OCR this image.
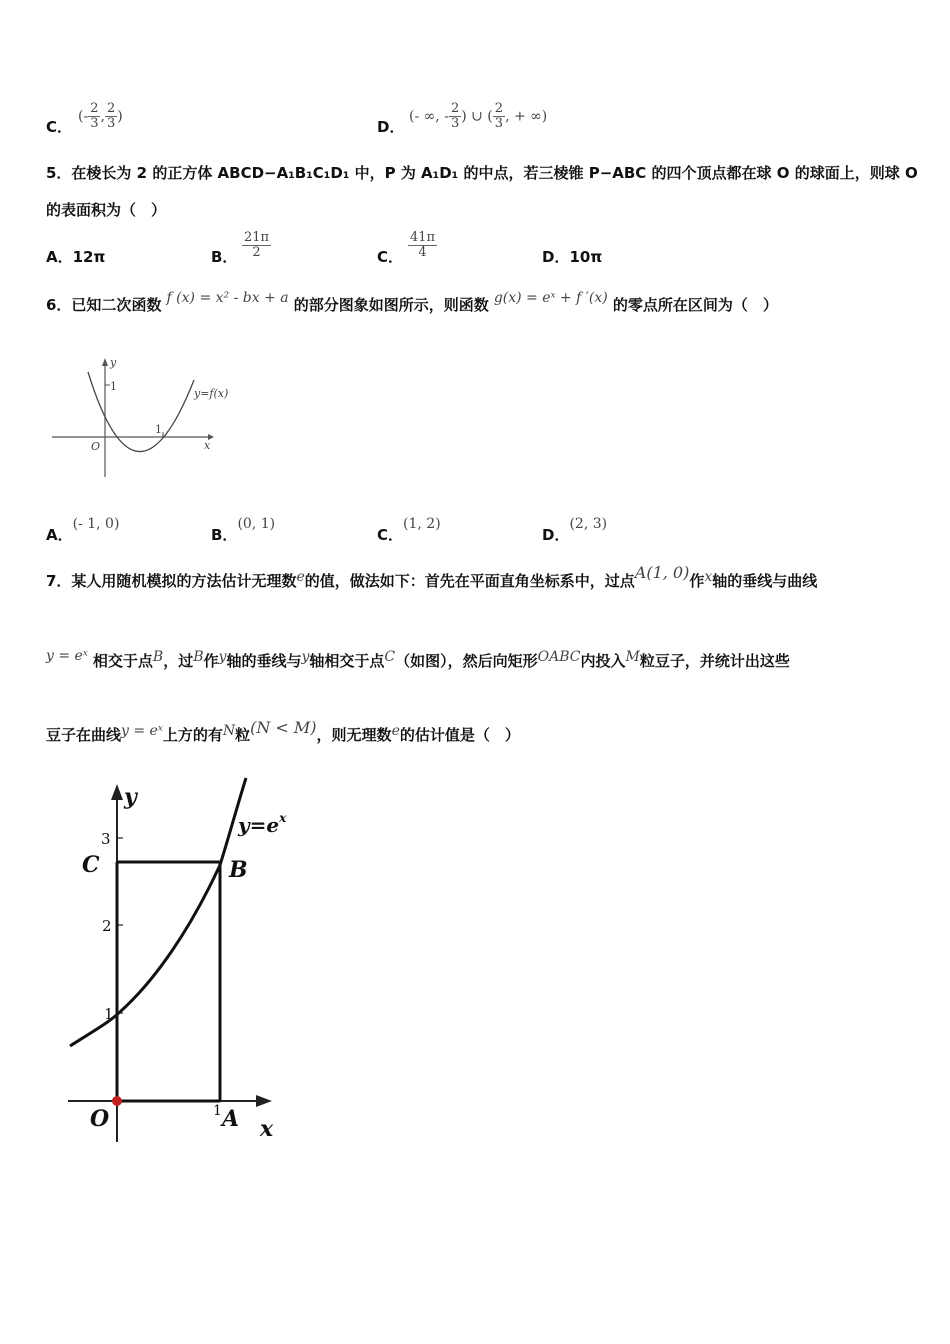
C．
(- $\frac{2}{3}$ , $\frac{2}{3}$ )
D．
(- ∞, - $\frac{2}{3}$ ) ∪ ( $\frac{2}{3}$ , + ∞)
5．在棱长为 2 的正方体 ABCD−A₁B₁C₁D₁ 中，P 为 A₁D₁ 的中点，若三棱锥 P−ABC 的四个顶点都在球 O 的球面上，则球 O
的表面积为（　）
A．12π	B． $\frac{21\pi}{2}$	C． $\frac{41\pi}{4}$	D．10π
6．已知二次函数 f (x) = x² - bx + a 的部分图象如图所示，则函数 g(x) = eˣ + f ′(x) 的零点所在区间为（　）
y
1
1
O	x
y=f(x)
A．(- 1, 0)
B．(0, 1)
C．(1, 2)
D．(2, 3)
7．某人用随机模拟的方法估计无理数e的值，做法如下：首先在平面直角坐标系中，过点A(1, 0)作x轴的垂线与曲线
y = eˣ 相交于点B，过B作y轴的垂线与y轴相交于点C（如图），然后向矩形OABC内投入M粒豆子，并统计出这些
豆子在曲线y = eˣ上方的有N粒(N < M)，则无理数e的估计值是（　）
y
x
3
2
1
1
C	B
O	A
$y=e^x$
